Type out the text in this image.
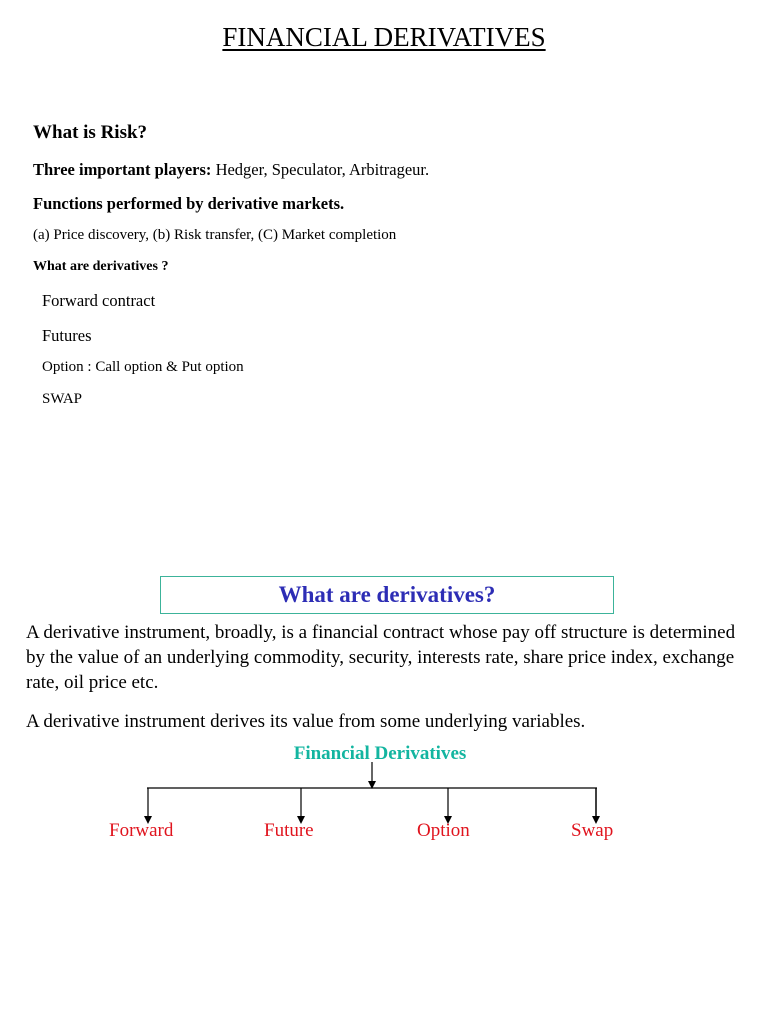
FINANCIAL DERIVATIVES
What is Risk?
Three important players: Hedger, Speculator, Arbitrageur.
Functions performed by derivative markets.
(a) Price discovery, (b) Risk transfer, (C) Market completion
What are derivatives ?
Forward contract
Futures
Option : Call option & Put option
SWAP
What are derivatives?
A derivative instrument, broadly, is a financial contract whose pay off structure is determined by the value of an underlying commodity, security, interests rate, share price index, exchange rate, oil price etc.
A derivative instrument derives its value from some underlying variables.
Financial Derivatives
Forward	Future	Option	Swap
